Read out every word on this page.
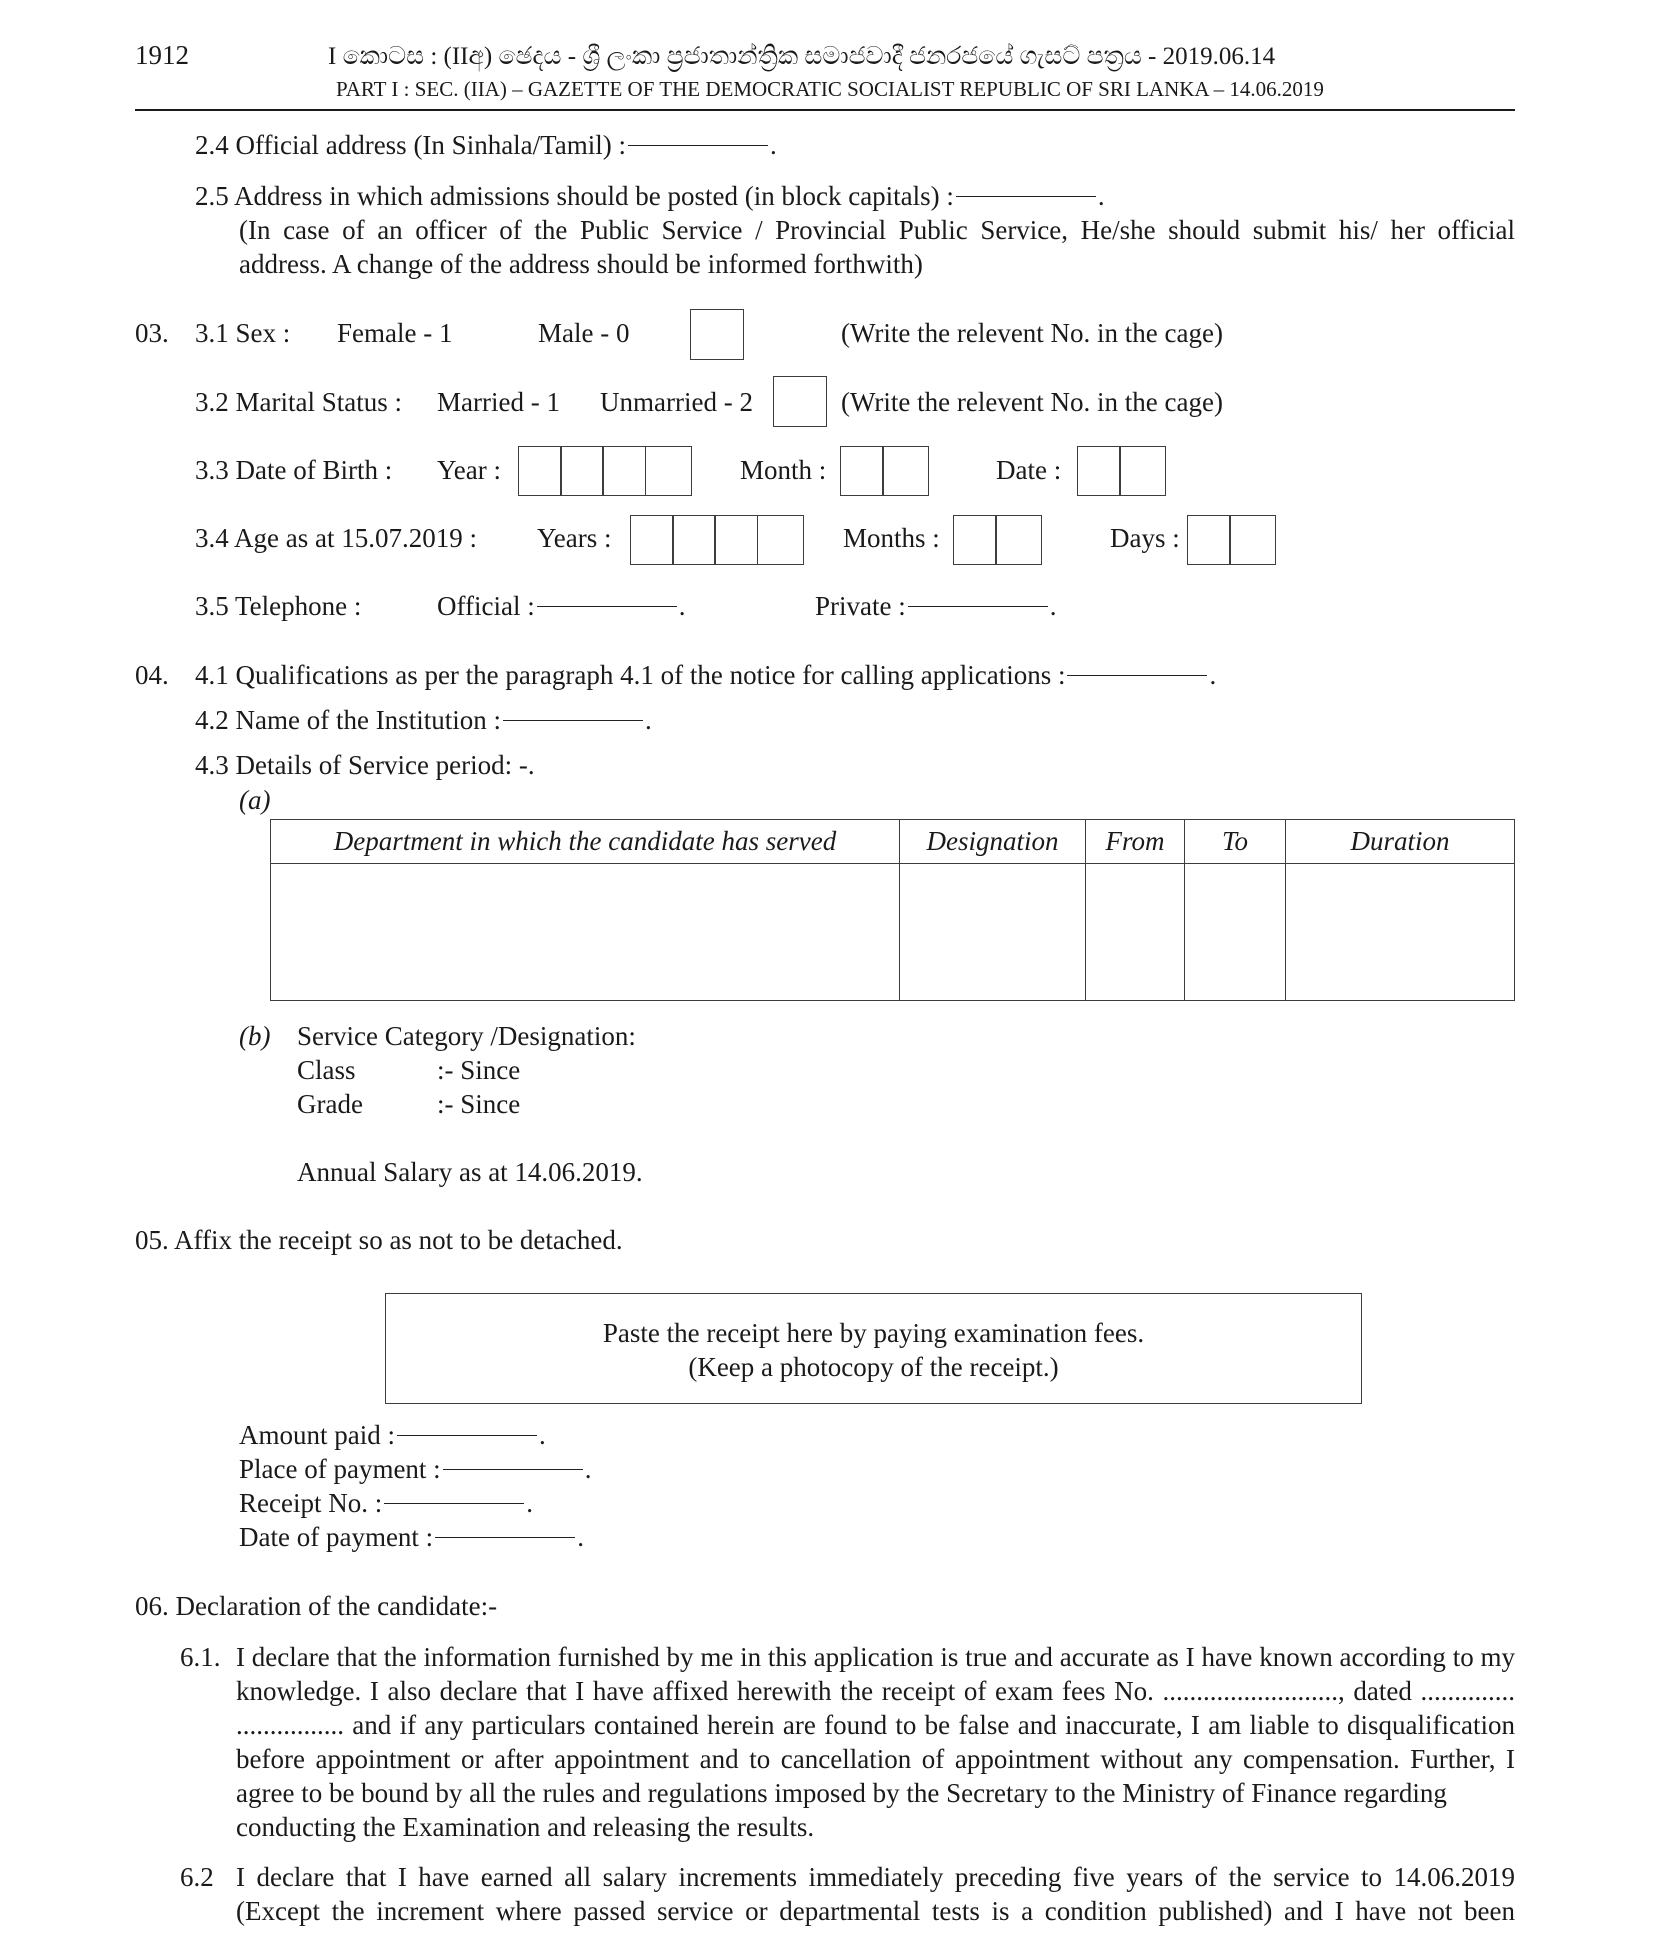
1912	I කොටස : (IIඅ) ඡෙදය - ශ්‍රී ලංකා ප්‍රජාතාන්ත්‍රික සමාජවාදී ජනරජයේ ගැසට් පත්‍රය - 2019.06.14
PART I : SEC. (IIA) – GAZETTE OF THE DEMOCRATIC SOCIALIST REPUBLIC OF SRI LANKA – 14.06.2019
2.4 Official address (In Sinhala/Tamil) :	.
2.5 Address in which admissions should be posted (in block capitals) :	.
(In case of an officer of the Public Service / Provincial Public Service, He/she should submit his/ her official
address. A change of the address should be informed forthwith)
03. 3.1 Sex : Female - 1	Male - 0	(Write the relevent No. in the cage)
3.2 Marital Status : Married - 1 Unmarried - 2	(Write the relevent No. in the cage)
3.3 Date of Birth : Year :	Month :	Date :
3.4 Age as at 15.07.2019 : Years :	Months :	Days :
3.5 Telephone :	Official :	.	Private :	.
04. 4.1 Qualifications as per the paragraph 4.1 of the notice for calling applications :	.
4.2 Name of the Institution :	.
4.3 Details of Service period: -.
(a)
Department in which the candidate has served	Designation	From	To	Duration

(b) Service Category /Designation:
Class	:- Since
Grade	:- Since
Annual Salary as at 14.06.2019.
05. Affix the receipt so as not to be detached.
Paste the receipt here by paying examination fees.
(Keep a photocopy of the receipt.)
Amount paid :	.
Place of payment :	.
Receipt No. :	.
Date of payment :	.
06. Declaration of the candidate:-
6.1. I declare that the information furnished by me in this application is true and accurate as I have known according to my knowledge. I also declare that I have affixed herewith the receipt of exam fees No. .........................., dated .............. ................ and if any particulars contained herein are found to be false and inaccurate, I am liable to disqualification before appointment or after appointment and to cancellation of appointment without any compensation. Further, I agree to be bound by all the rules and regulations imposed by the Secretary to the Ministry of Finance regarding
conducting the Examination and releasing the results.
6.2 I declare that I have earned all salary increments immediately preceding five years of the service to 14.06.2019 (Except the increment where passed service or departmental tests is a condition published) and I have not been
